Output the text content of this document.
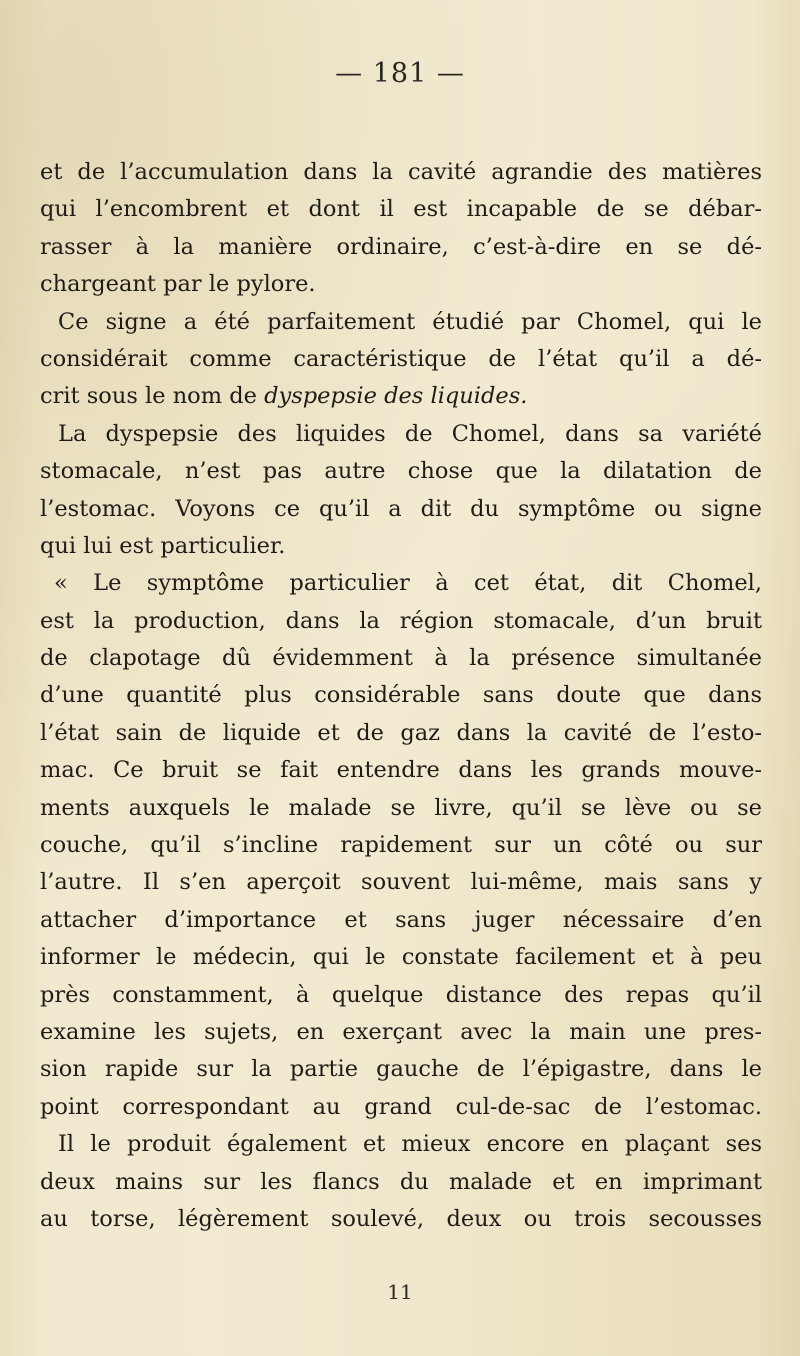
— 181 —
et de l’accumulation dans la cavité agrandie des matières
qui l’encombrent et dont il est incapable de se débar-
rasser à la manière ordinaire, c’est-à-dire en se dé-
chargeant par le pylore.
Ce signe a été parfaitement étudié par Chomel, qui le
considérait comme caractéristique de l’état qu’il a dé-
crit sous le nom de dyspepsie des liquides.
La dyspepsie des liquides de Chomel, dans sa variété
stomacale, n’est pas autre chose que la dilatation de
l’estomac. Voyons ce qu’il a dit du symptôme ou signe
qui lui est particulier.
« Le symptôme particulier à cet état, dit Chomel,
est la production, dans la région stomacale, d’un bruit
de clapotage dû évidemment à la présence simultanée
d’une quantité plus considérable sans doute que dans
l’état sain de liquide et de gaz dans la cavité de l’esto-
mac. Ce bruit se fait entendre dans les grands mouve-
ments auxquels le malade se livre, qu’il se lève ou se
couche, qu’il s’incline rapidement sur un côté ou sur
l’autre. Il s’en aperçoit souvent lui-même, mais sans y
attacher d’importance et sans juger nécessaire d’en
informer le médecin, qui le constate facilement et à peu
près constamment, à quelque distance des repas qu’il
examine les sujets, en exerçant avec la main une pres-
sion rapide sur la partie gauche de l’épigastre, dans le
point correspondant au grand cul-de-sac de l’estomac.
Il le produit également et mieux encore en plaçant ses
deux mains sur les flancs du malade et en imprimant
au torse, légèrement soulevé, deux ou trois secousses
11
